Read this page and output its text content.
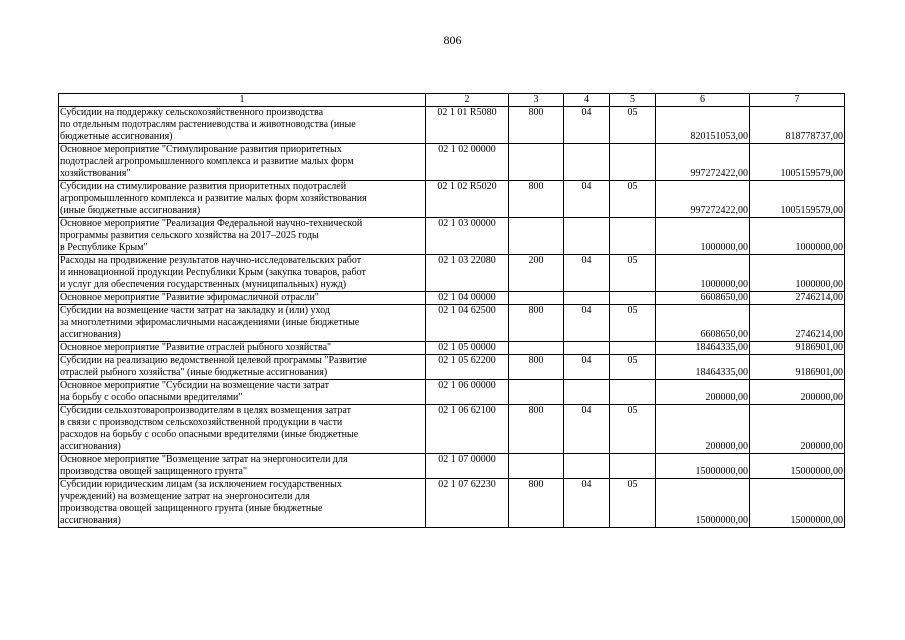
806
1	2	3	4	5	6	7

Субсидии на поддержку сельскохозяйственного производства
по отдельным подотраслям растениеводства и животноводства (иные
бюджетные ассигнования)	02 1 01 R5080	800	04	05	820151053,00	818778737,00

Основное мероприятие "Стимулирование развития приоритетных
подотраслей агропромышленного комплекса и развитие малых форм
хозяйствования"	02 1 02 00000				997272422,00	1005159579,00

Субсидии на стимулирование развития приоритетных подотраслей
агропромышленного комплекса и развитие малых форм хозяйствования
(иные бюджетные ассигнования)	02 1 02 R5020	800	04	05	997272422,00	1005159579,00

Основное мероприятие "Реализация Федеральной научно-технической
программы развития сельского хозяйства на 2017–2025 годы
в Республике Крым"	02 1 03 00000				1000000,00	1000000,00

Расходы на продвижение результатов научно-исследовательских работ
и инновационной продукции Республики Крым (закупка товаров, работ
и услуг для обеспечения государственных (муниципальных) нужд)	02 1 03 22080	200	04	05	1000000,00	1000000,00

Основное мероприятие "Развитие эфиромасличной отрасли"	02 1 04 00000				6608650,00	2746214,00

Субсидии на возмещение части затрат на закладку и (или) уход
за многолетними эфиромасличными насаждениями (иные бюджетные
ассигнования)	02 1 04 62500	800	04	05	6608650,00	2746214,00

Основное мероприятие "Развитие отраслей рыбного хозяйства"	02 1 05 00000				18464335,00	9186901,00

Субсидии на реализацию ведомственной целевой программы "Развитие
отраслей рыбного хозяйства" (иные бюджетные ассигнования)	02 1 05 62200	800	04	05	18464335,00	9186901,00

Основное мероприятие "Субсидии на возмещение части затрат
на борьбу с особо опасными вредителями"	02 1 06 00000				200000,00	200000,00

Субсидии сельхозтоваропроизводителям в целях возмещения затрат
в связи с производством сельскохозяйственной продукции в части
расходов на борьбу с особо опасными вредителями (иные бюджетные
ассигнования)	02 1 06 62100	800	04	05	200000,00	200000,00

Основное мероприятие "Возмещение затрат на энергоносители для
производства овощей защищенного грунта"	02 1 07 00000				15000000,00	15000000,00

Субсидии юридическим лицам (за исключением государственных
учреждений) на возмещение затрат на энергоносители для
производства овощей защищенного грунта (иные бюджетные
ассигнования)	02 1 07 62230	800	04	05	15000000,00	15000000,00
